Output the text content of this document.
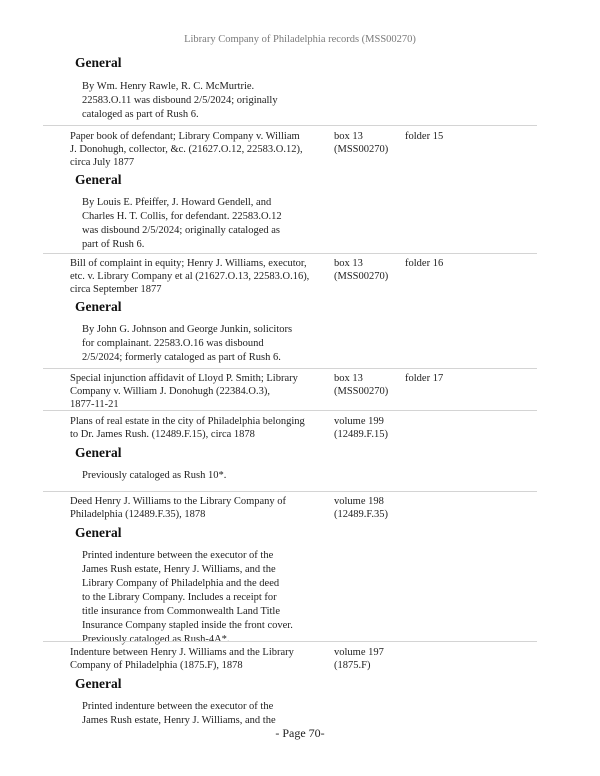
Library Company of Philadelphia records (MSS00270)
General
By Wm. Henry Rawle, R. C. McMurtrie.
22583.O.11 was disbound 2/5/2024; originally
cataloged as part of Rush 6.
Paper book of defendant; Library Company v. William
J. Donohugh, collector, &c. (21627.O.12, 22583.O.12),
circa July 1877
box 13
(MSS00270)
folder 15
General
By Louis E. Pfeiffer, J. Howard Gendell, and
Charles H. T. Collis, for defendant. 22583.O.12
was disbound 2/5/2024; originally cataloged as
part of Rush 6.
Bill of complaint in equity; Henry J. Williams, executor,
etc. v. Library Company et al (21627.O.13, 22583.O.16),
circa September 1877
box 13
(MSS00270)
folder 16
General
By John G. Johnson and George Junkin, solicitors
for complainant. 22583.O.16 was disbound
2/5/2024; formerly cataloged as part of Rush 6.
Special injunction affidavit of Lloyd P. Smith; Library
Company v. William J. Donohugh (22384.O.3),
1877-11-21
box 13
(MSS00270)
folder 17
Plans of real estate in the city of Philadelphia belonging
to Dr. James Rush. (12489.F.15), circa 1878
volume 199
(12489.F.15)
General
Previously cataloged as Rush 10*.
Deed Henry J. Williams to the Library Company of
Philadelphia (12489.F.35), 1878
volume 198
(12489.F.35)
General
Printed indenture between the executor of the
James Rush estate, Henry J. Williams, and the
Library Company of Philadelphia and the deed
to the Library Company. Includes a receipt for
title insurance from Commonwealth Land Title
Insurance Company stapled inside the front cover.
Previously cataloged as Rush-4A*.
Indenture between Henry J. Williams and the Library
Company of Philadelphia (1875.F), 1878
volume 197
(1875.F)
General
Printed indenture between the executor of the
James Rush estate, Henry J. Williams, and the
- Page 70-
